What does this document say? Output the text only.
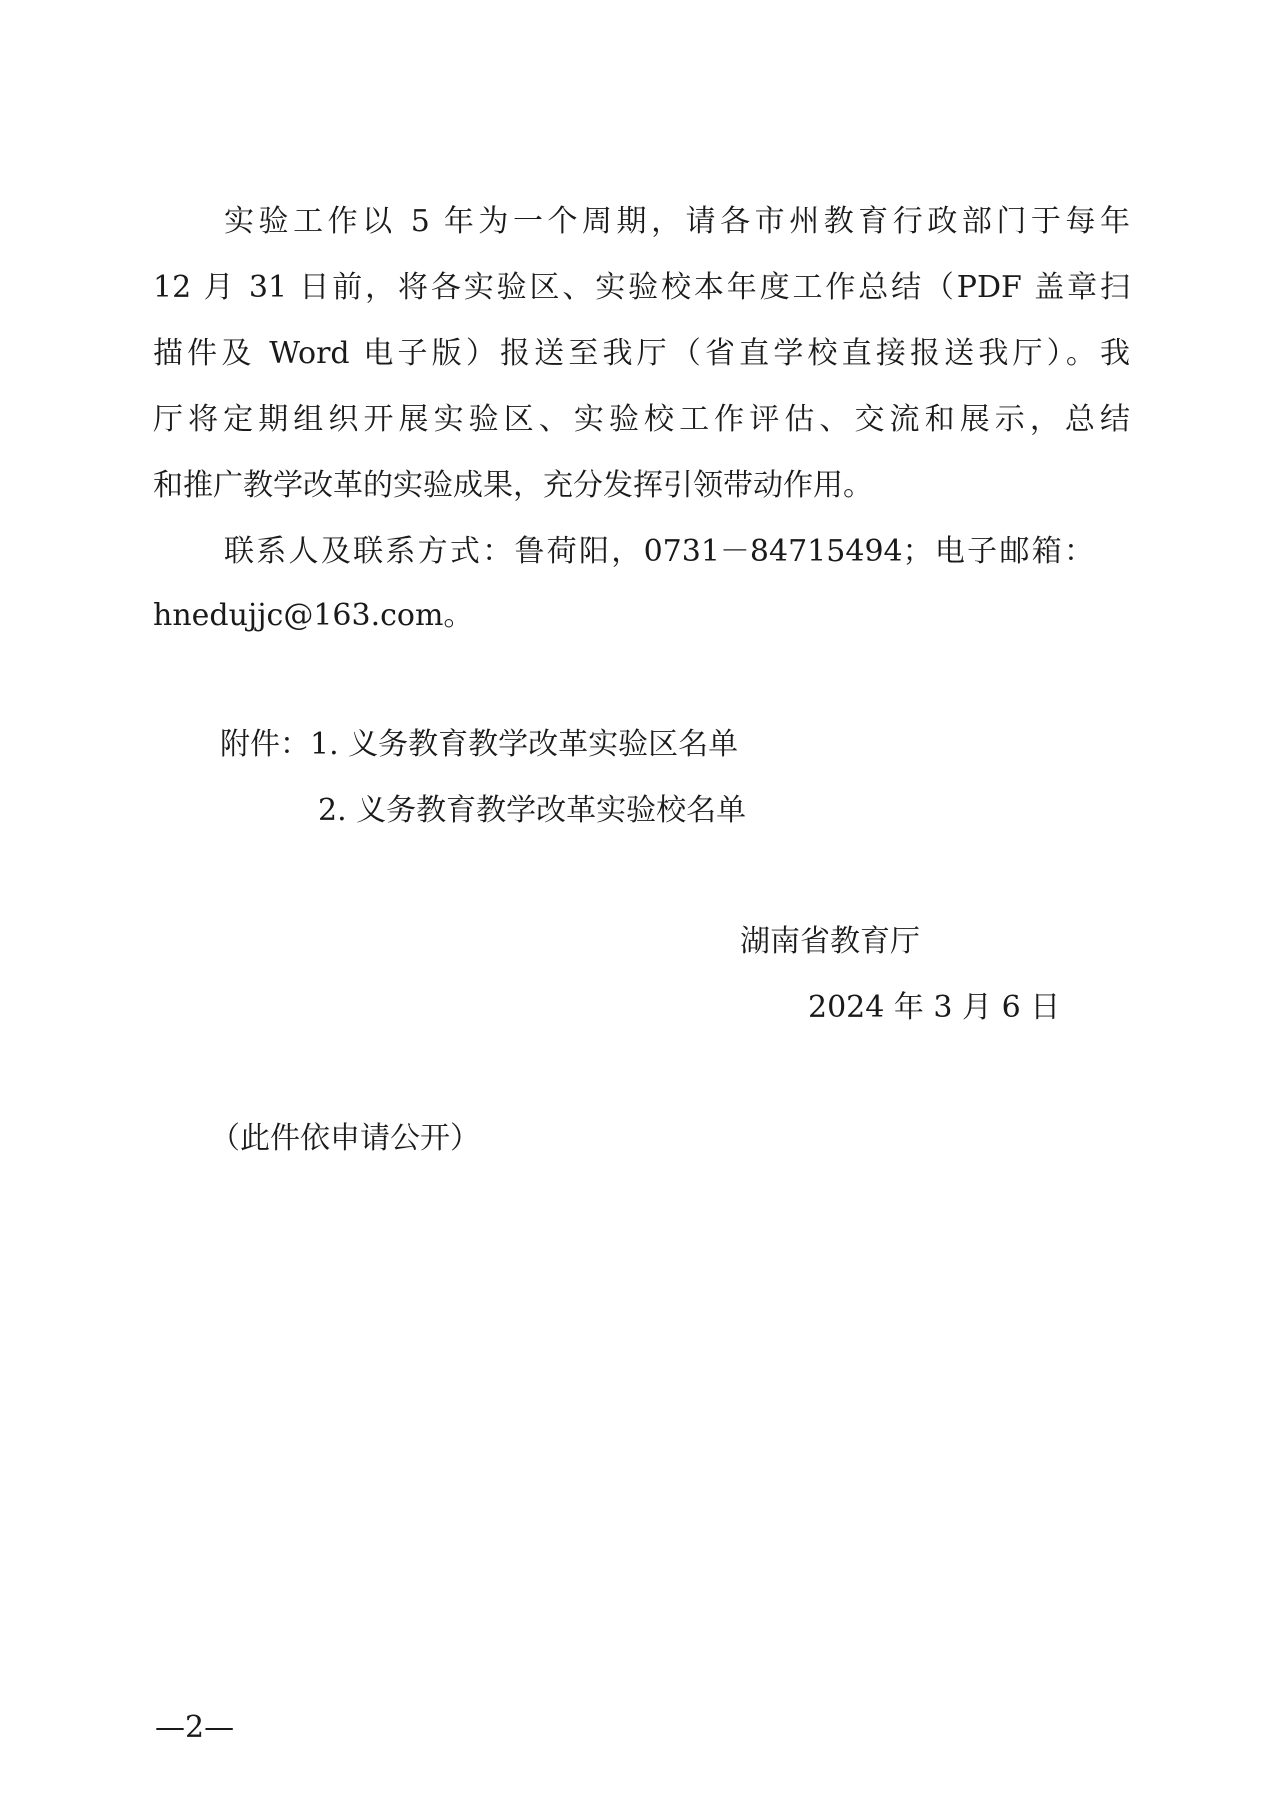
实验工作以 5 年为一个周期，请各市州教育行政部门于每年

12 月 31 日前，将各实验区、实验校本年度工作总结（PDF 盖章扫

描件及 Word 电子版）报送至我厅（省直学校直接报送我厅）。我

厅将定期组织开展实验区、实验校工作评估、交流和展示，总结

和推广教学改革的实验成果，充分发挥引领带动作用。

联系人及联系方式：鲁荷阳，0731－84715494；电子邮箱：

hnedujjc@163.com。

附件：1. 义务教育教学改革实验区名单

2. 义务教育教学改革实验校名单

湖南省教育厅

2024 年 3 月 6 日

（此件依申请公开）

—2—
